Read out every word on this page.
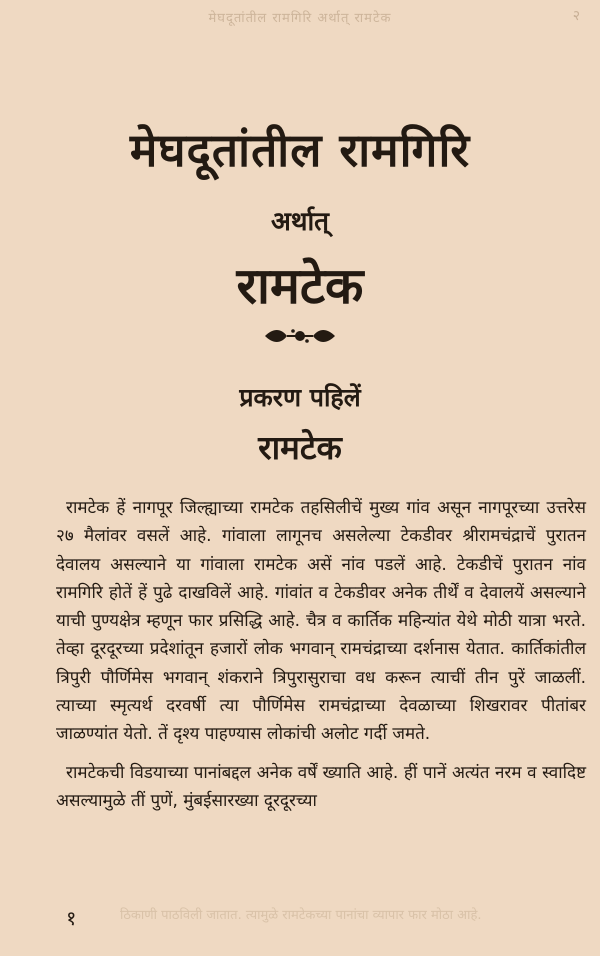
मेघदूतांतील रामगिरि अर्थात् रामटेक	२
मेघदूतांतील रामगिरि
अर्थात्
रामटेक
प्रकरण पहिलें
रामटेक

रामटेक हें नागपूर जिल्ह्याच्या रामटेक तहसिलीचें मुख्य गांव असून नागपूरच्या उत्तरेस २७ मैलांवर वसलें आहे. गांवाला लागूनच असलेल्या टेकडीवर श्रीरामचंद्राचें पुरातन देवालय असल्याने या गांवाला रामटेक असें नांव पडलें आहे. टेकडीचें पुरातन नांव रामगिरि होतें हें पुढे दाखविलें आहे. गांवांत व टेकडीवर अनेक तीर्थें व देवालयें असल्याने याची पुण्यक्षेत्र म्हणून फार प्रसिद्धि आहे. चैत्र व कार्तिक महिन्यांत येथे मोठी यात्रा भरते. तेव्हा दूरदूरच्या प्रदेशांतून हजारों लोक भगवान् रामचंद्राच्या दर्शनास येतात. कार्तिकांतील त्रिपुरी पौर्णिमेस भगवान् शंकराने त्रिपुरासुराचा वध करून त्याचीं तीन पुरें जाळलीं. त्याच्या स्मृत्यर्थ दरवर्षी त्या पौर्णिमेस रामचंद्राच्या देवळाच्या शिखरावर पीतांबर जाळण्यांत येतो. तें दृश्य पाहण्यास लोकांची अलोट गर्दी जमते.

रामटेकची विडयाच्या पानांबद्दल अनेक वर्षें ख्याति आहे. हीं पानें अत्यंत नरम व स्वादिष्ट असल्यामुळे तीं पुणें, मुंबईसारख्या दूरदूरच्या

१	ठिकाणी पाठविली जातात. त्यामुळे रामटेकच्या पानांचा व्यापार फार मोठा आहे.
